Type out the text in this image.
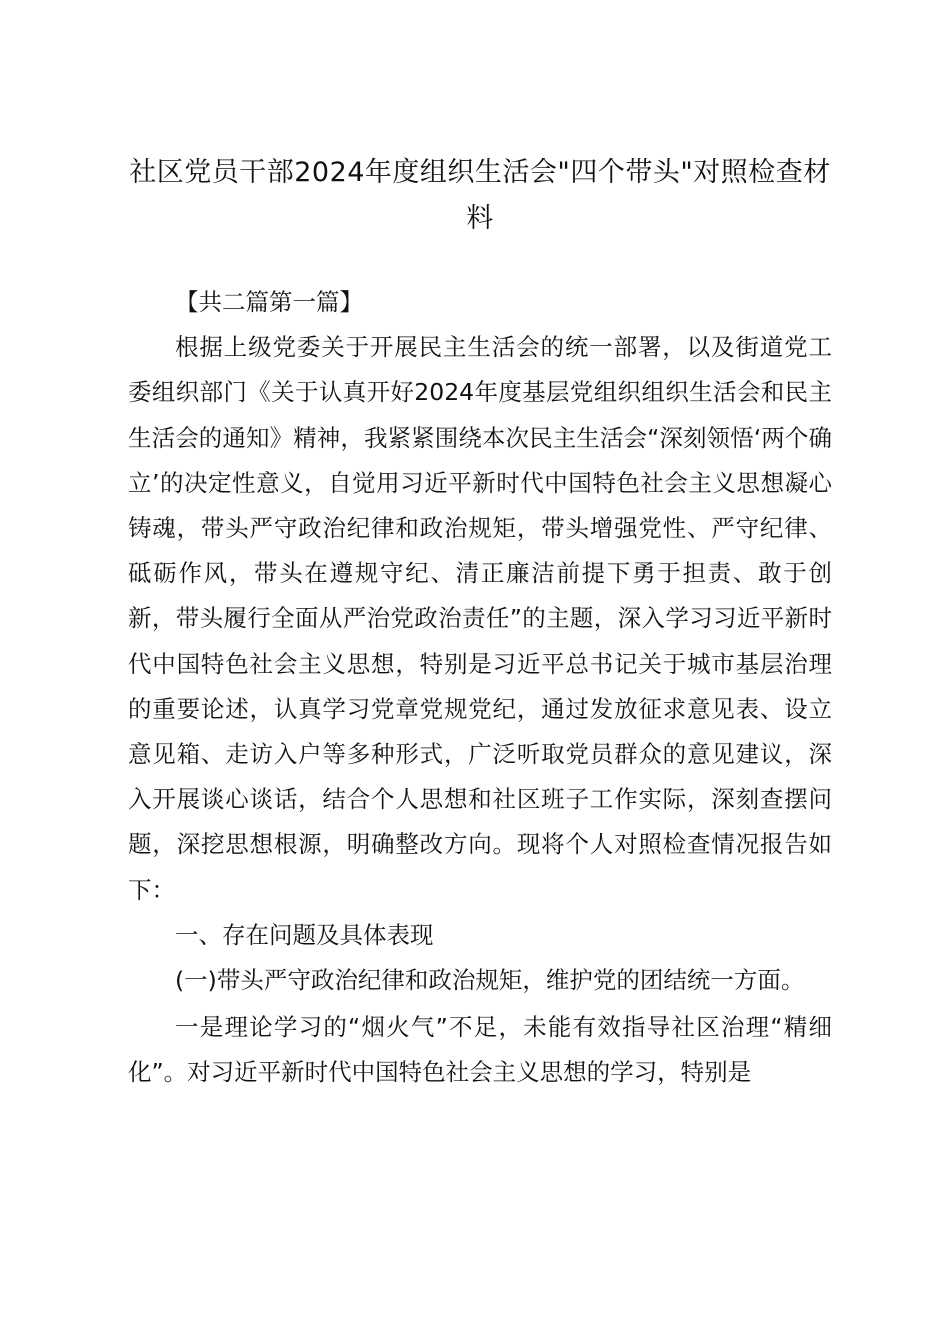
社区党员干部2024年度组织生活会"四个带头"对照检查材料

【共二篇第一篇】

根据上级党委关于开展民主生活会的统一部署，以及街道党工委组织部门《关于认真开好2024年度基层党组织组织生活会和民主生活会的通知》精神，我紧紧围绕本次民主生活会“深刻领悟‘两个确立’的决定性意义，自觉用习近平新时代中国特色社会主义思想凝心铸魂，带头严守政治纪律和政治规矩，带头增强党性、严守纪律、砥砺作风，带头在遵规守纪、清正廉洁前提下勇于担责、敢于创新，带头履行全面从严治党政治责任”的主题，深入学习习近平新时代中国特色社会主义思想，特别是习近平总书记关于城市基层治理的重要论述，认真学习党章党规党纪，通过发放征求意见表、设立意见箱、走访入户等多种形式，广泛听取党员群众的意见建议，深入开展谈心谈话，结合个人思想和社区班子工作实际，深刻查摆问题，深挖思想根源，明确整改方向。现将个人对照检查情况报告如下：

一、存在问题及具体表现

(一)带头严守政治纪律和政治规矩，维护党的团结统一方面。

一是理论学习的“烟火气”不足，未能有效指导社区治理“精细化”。对习近平新时代中国特色社会主义思想的学习，特别是
